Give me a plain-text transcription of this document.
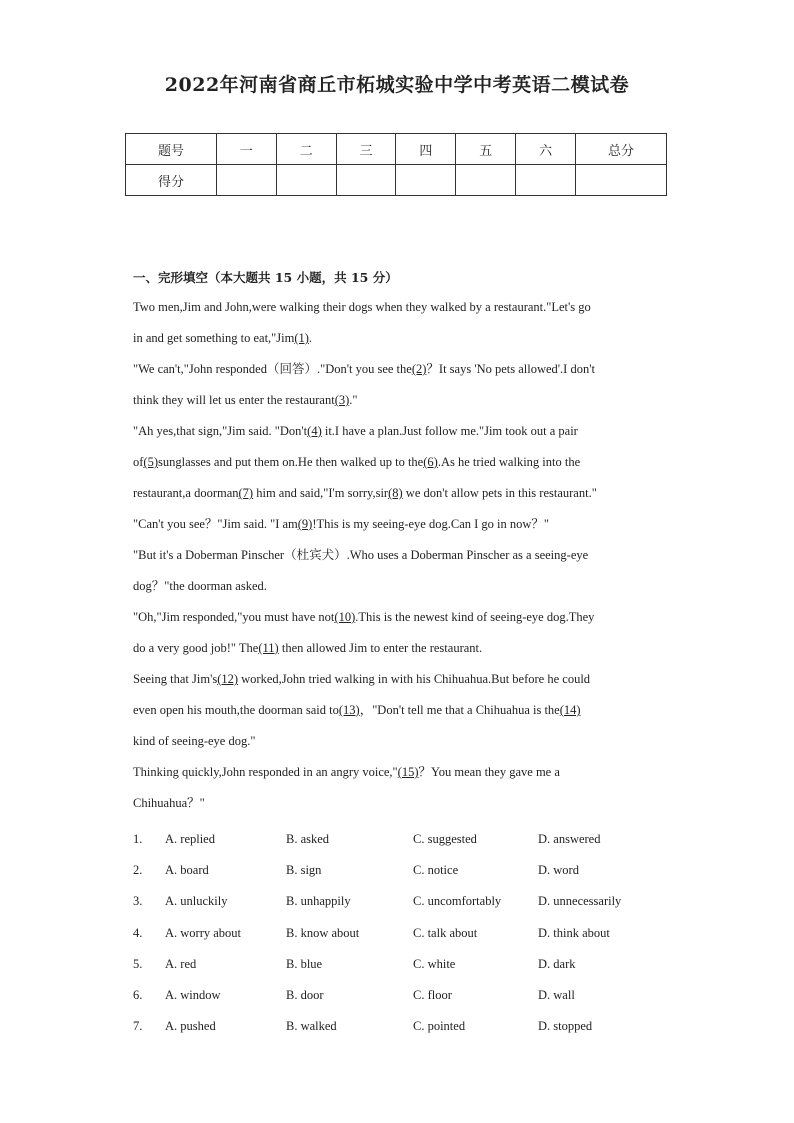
2022年河南省商丘市柘城实验中学中考英语二模试卷
题号	一	二	三	四	五	六	总分
得分							
一、完形填空（本大题共 15 小题，共 15 分）
Two men,Jim and John,were walking their dogs when they walked by a restaurant."Let's go
in and get something to eat,"Jim(1).
"We can't,"John responded（回答）."Don't you see the(2)？It says 'No pets allowed'.I don't
think they will let us enter the restaurant(3)."
"Ah yes,that sign,"Jim said. "Don't(4) it.I have a plan.Just follow me."Jim took out a pair
of(5)sunglasses and put them on.He then walked up to the(6).As he tried walking into the
restaurant,a doorman(7) him and said,"I'm sorry,sir(8) we don't allow pets in this restaurant."
"Can't you see？"Jim said. "I am(9)!This is my seeing-eye dog.Can I go in now？"
"But it's a Doberman Pinscher（杜宾犬）.Who uses a Doberman Pinscher as a seeing-eye
dog？"the doorman asked.
"Oh,"Jim responded,"you must have not(10).This is the newest kind of seeing-eye dog.They
do a very good job!" The(11) then allowed Jim to enter the restaurant.
Seeing that Jim's(12) worked,John tried walking in with his Chihuahua.But before he could
even open his mouth,the doorman said to(13)，"Don't tell me that a Chihuahua is the(14)
kind of seeing-eye dog."
Thinking quickly,John responded in an angry voice,"(15)？You mean they gave me a
Chihuahua？"
1. A. replied	B. asked	C. suggested	D. answered
2. A. board	B. sign	C. notice	D. word
3. A. unluckily	B. unhappily	C. uncomfortably	D. unnecessarily
4. A. worry about	B. know about	C. talk about	D. think about
5. A. red	B. blue	C. white	D. dark
6. A. window	B. door	C. floor	D. wall
7. A. pushed	B. walked	C. pointed	D. stopped
